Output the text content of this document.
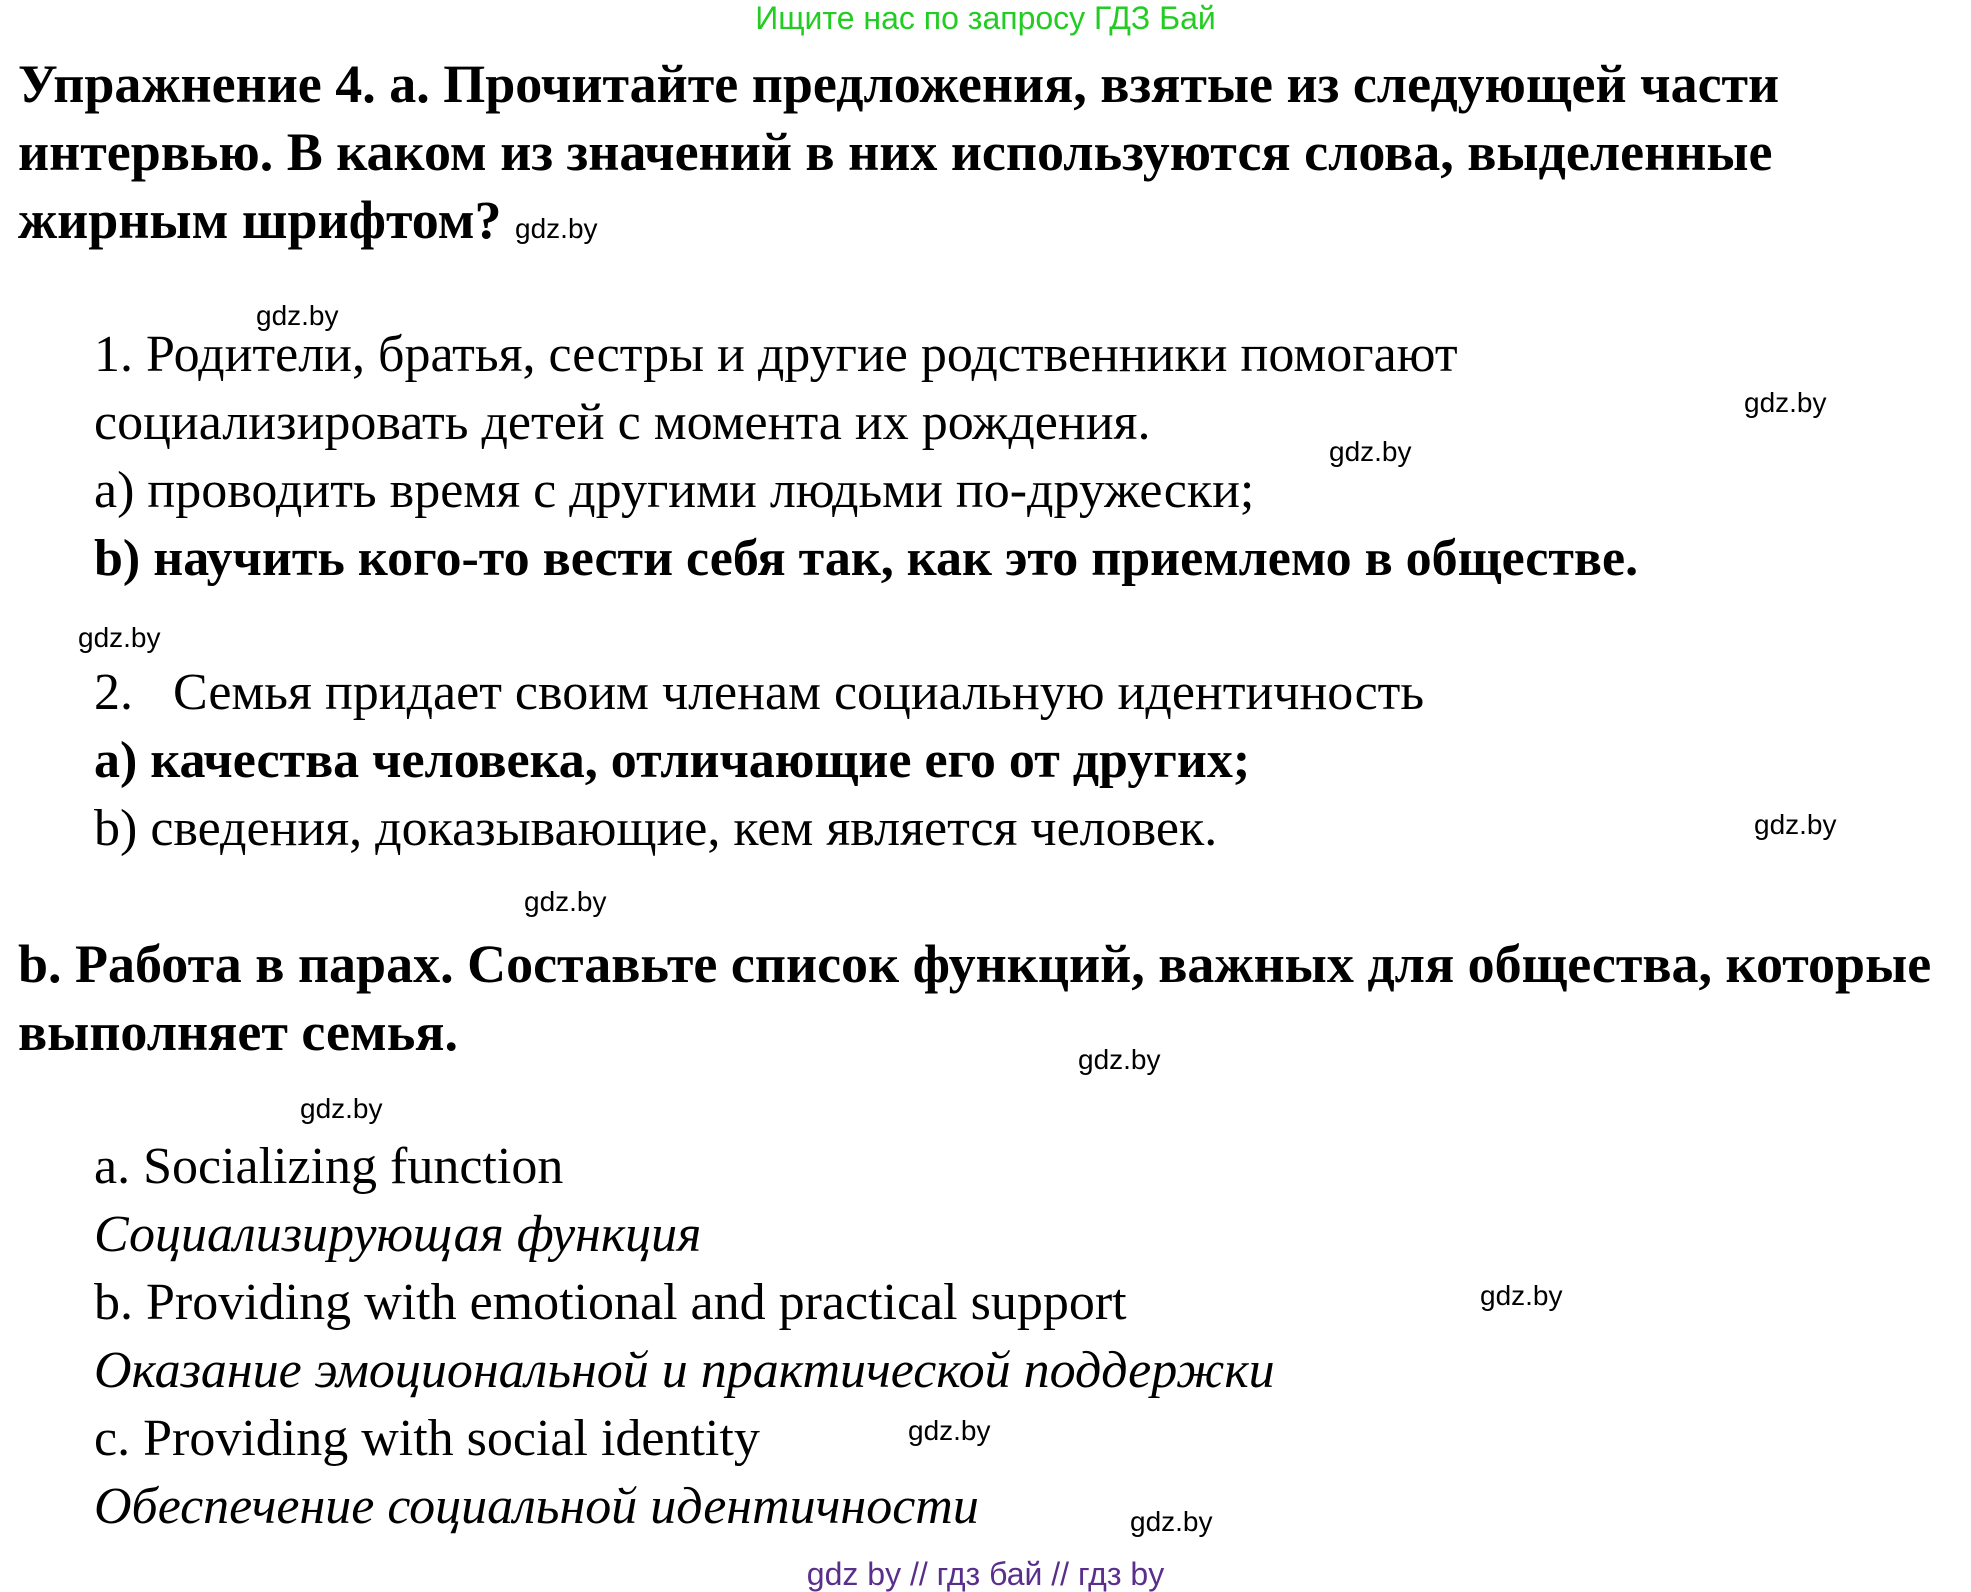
Ищите нас по запросу ГДЗ Бай
Упражнение 4. a. Прочитайте предложения, взятые из следующей части интервью. В каком из значений в них используются слова, выделенные жирным шрифтом? gdz.by
gdz.by
gdz.by
gdz.by
gdz.by
gdz.by
gdz.by
gdz.by
gdz.by
gdz.by
gdz.by
gdz.by
1. Родители, братья, сестры и другие родственники помогают
социализировать детей с момента их рождения.
a) проводить время с другими людьми по-дружески;
b) научить кого-то вести себя так, как это приемлемо в обществе.
2. Семья придает своим членам социальную идентичность
а) качества человека, отличающие его от других;
b) сведения, доказывающие, кем является человек.
b. Работа в парах. Составьте список функций, важных для общества, которые выполняет семья.
a. Socializing function
Социализирующая функция
b. Providing with emotional and practical support
Оказание эмоциональной и практической поддержки
c. Providing with social identity
Обеспечение социальной идентичности
gdz by // гдз бай // гдз by
